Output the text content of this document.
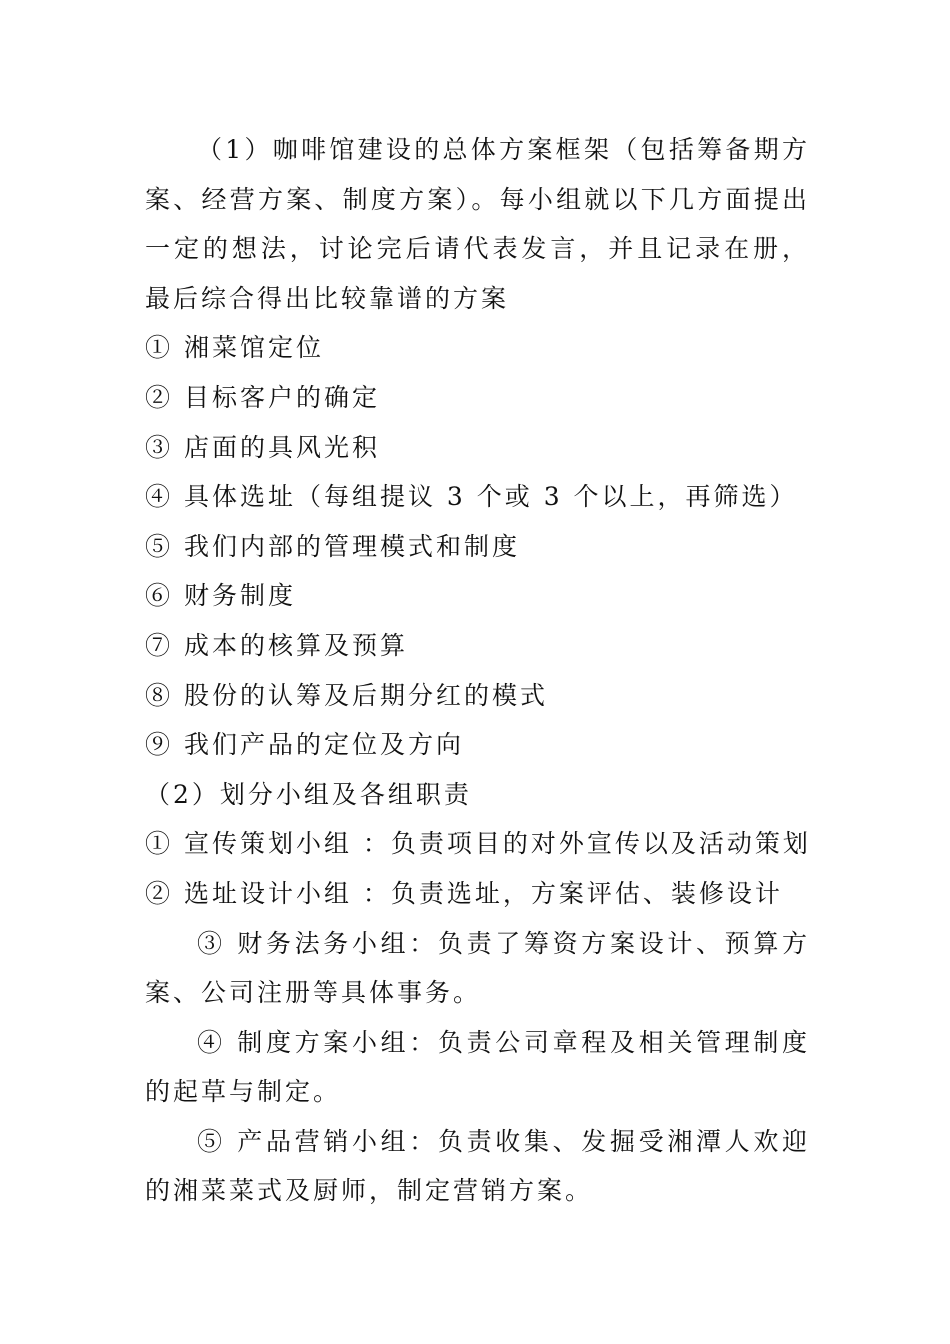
（1）咖啡馆建设的总体方案框架（包括筹备期方案、经营方案、制度方案）。每小组就以下几方面提出一定的想法，讨论完后请代表发言，并且记录在册，最后综合得出比较靠谱的方案

① 湘菜馆定位

② 目标客户的确定

③ 店面的具风光积

④ 具体选址（每组提议 3 个或 3 个以上，再筛选）

⑤ 我们内部的管理模式和制度

⑥ 财务制度

⑦ 成本的核算及预算

⑧ 股份的认筹及后期分红的模式

⑨ 我们产品的定位及方向

（2）划分小组及各组职责

① 宣传策划小组 ：负责项目的对外宣传以及活动策划

② 选址设计小组 ：负责选址，方案评估、装修设计

③ 财务法务小组：负责了筹资方案设计、预算方案、公司注册等具体事务。

④ 制度方案小组：负责公司章程及相关管理制度的起草与制定。

⑤ 产品营销小组：负责收集、发掘受湘潭人欢迎的湘菜菜式及厨师，制定营销方案。
